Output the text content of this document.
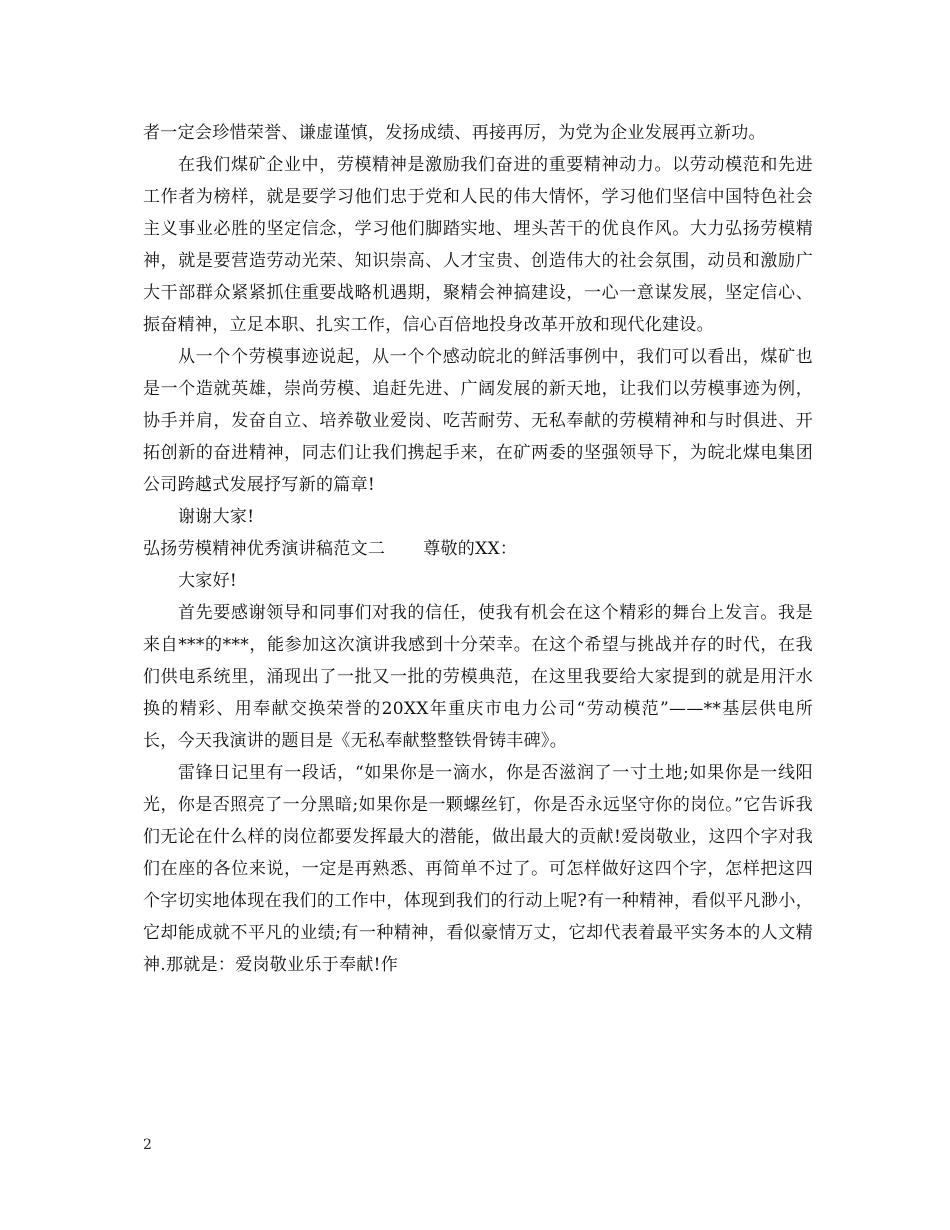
者一定会珍惜荣誉、谦虚谨慎，发扬成绩、再接再厉，为党为企业发展再立新功。

在我们煤矿企业中，劳模精神是激励我们奋进的重要精神动力。以劳动模范和先进工作者为榜样，就是要学习他们忠于党和人民的伟大情怀，学习他们坚信中国特色社会主义事业必胜的坚定信念，学习他们脚踏实地、埋头苦干的优良作风。大力弘扬劳模精神，就是要营造劳动光荣、知识崇高、人才宝贵、创造伟大的社会氛围，动员和激励广大干部群众紧紧抓住重要战略机遇期，聚精会神搞建设，一心一意谋发展，坚定信心、振奋精神，立足本职、扎实工作，信心百倍地投身改革开放和现代化建设。

从一个个劳模事迹说起，从一个个感动皖北的鲜活事例中，我们可以看出，煤矿也是一个造就英雄，崇尚劳模、追赶先进、广阔发展的新天地，让我们以劳模事迹为例，协手并肩，发奋自立、培养敬业爱岗、吃苦耐劳、无私奉献的劳模精神和与时俱进、开拓创新的奋进精神，同志们让我们携起手来，在矿两委的坚强领导下，为皖北煤电集团公司跨越式发展抒写新的篇章!

谢谢大家!

弘扬劳模精神优秀演讲稿范文二 尊敬的XX：

大家好!

首先要感谢领导和同事们对我的信任，使我有机会在这个精彩的舞台上发言。我是来自***的***，能参加这次演讲我感到十分荣幸。在这个希望与挑战并存的时代，在我们供电系统里，涌现出了一批又一批的劳模典范，在这里我要给大家提到的就是用汗水换的精彩、用奉献交换荣誉的20XX年重庆市电力公司“劳动模范”——**基层供电所长，今天我演讲的题目是《无私奉献整整铁骨铸丰碑》。

雷锋日记里有一段话，“如果你是一滴水，你是否滋润了一寸土地;如果你是一线阳光，你是否照亮了一分黑暗;如果你是一颗螺丝钉，你是否永远坚守你的岗位。”它告诉我们无论在什么样的岗位都要发挥最大的潜能，做出最大的贡献!爱岗敬业，这四个字对我们在座的各位来说，一定是再熟悉、再简单不过了。可怎样做好这四个字，怎样把这四个字切实地体现在我们的工作中，体现到我们的行动上呢?有一种精神，看似平凡渺小，它却能成就不平凡的业绩;有一种精神，看似豪情万丈，它却代表着最平实务本的人文精神.那就是：爱岗敬业乐于奉献!作

2
